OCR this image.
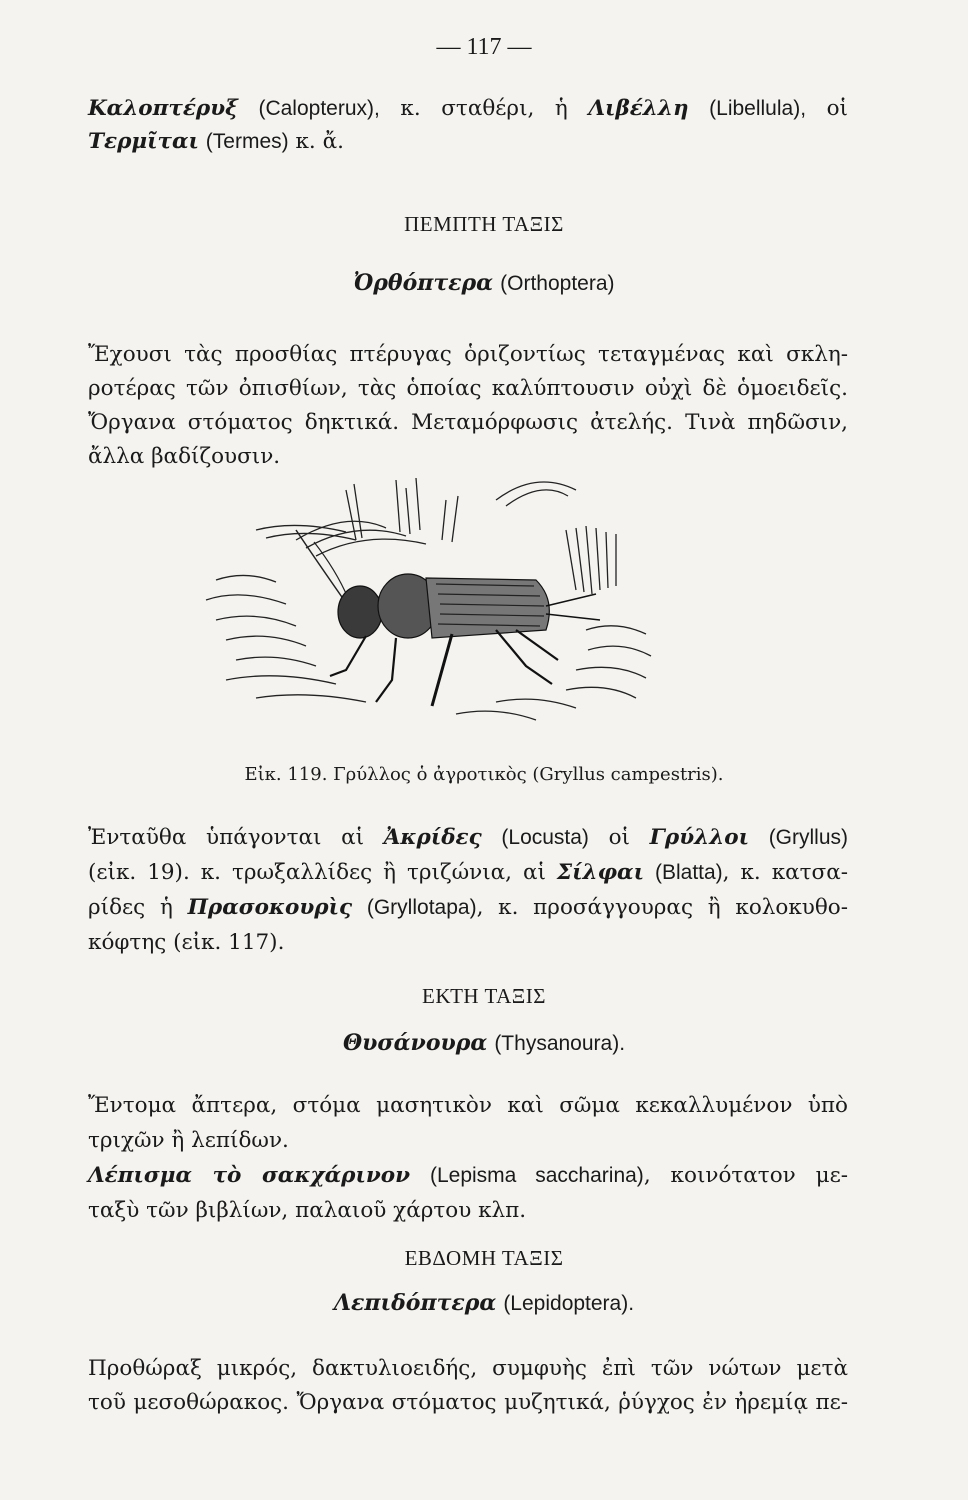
— 117 —
Καλοπτέρυξ (Calopterux), κ. σταθέρι, ἡ Λιβέλλη (Libellula), οἱ
Τερμῖται (Termes) κ. ἄ.
ΠΕΜΠΤΗ ΤΑΞΙΣ
Ὀρθόπτερα (Orthoptera)
Ἔχουσι τὰς προσθίας πτέρυγας ὁριζοντίως τεταγμένας καὶ σκλη-
ροτέρας τῶν ὀπισθίων, τὰς ὁποίας καλύπτουσιν οὐχὶ δὲ ὁμοειδεῖς.
Ὄργανα στόματος δηκτικά. Μεταμόρφωσις ἀτελής. Τινὰ πηδῶσιν,
ἄλλα βαδίζουσιν.
Εἰκ. 119. Γρύλλος ὁ ἀγροτικὸς (Gryllus campestris).
Ἐνταῦθα ὑπάγονται αἱ Ἀκρίδες (Locusta) οἱ Γρύλλοι (Gryllus)
(εἰκ. 19). κ. τρωξαλλίδες ἢ τριζώνια, αἱ Σίλφαι (Blatta), κ. κατσα-
ρίδες ἡ Πρασοκουρὶς (Gryllotapa), κ. προσάγγουρας ἢ κολοκυθο-
κόφτης (εἰκ. 117).
ΕΚΤΗ ΤΑΞΙΣ
Θυσάνουρα (Thysanoura).
Ἔντομα ἄπτερα, στόμα μασητικὸν καὶ σῶμα κεκαλλυμένον ὑπὸ
τριχῶν ἢ λεπίδων.
Λέπισμα τὸ σακχάρινον (Lepisma saccharina), κοινότατον με-
ταξὺ τῶν βιβλίων, παλαιοῦ χάρτου κλπ.
ΕΒΔΟΜΗ ΤΑΞΙΣ
Λεπιδόπτερα (Lepidoptera).
Προθώραξ μικρός, δακτυλιοειδής, συμφυὴς ἐπὶ τῶν νώτων μετὰ
τοῦ μεσοθώρακος. Ὄργανα στόματος μυζητικά, ῥύγχος ἐν ἠρεμίᾳ πε-
